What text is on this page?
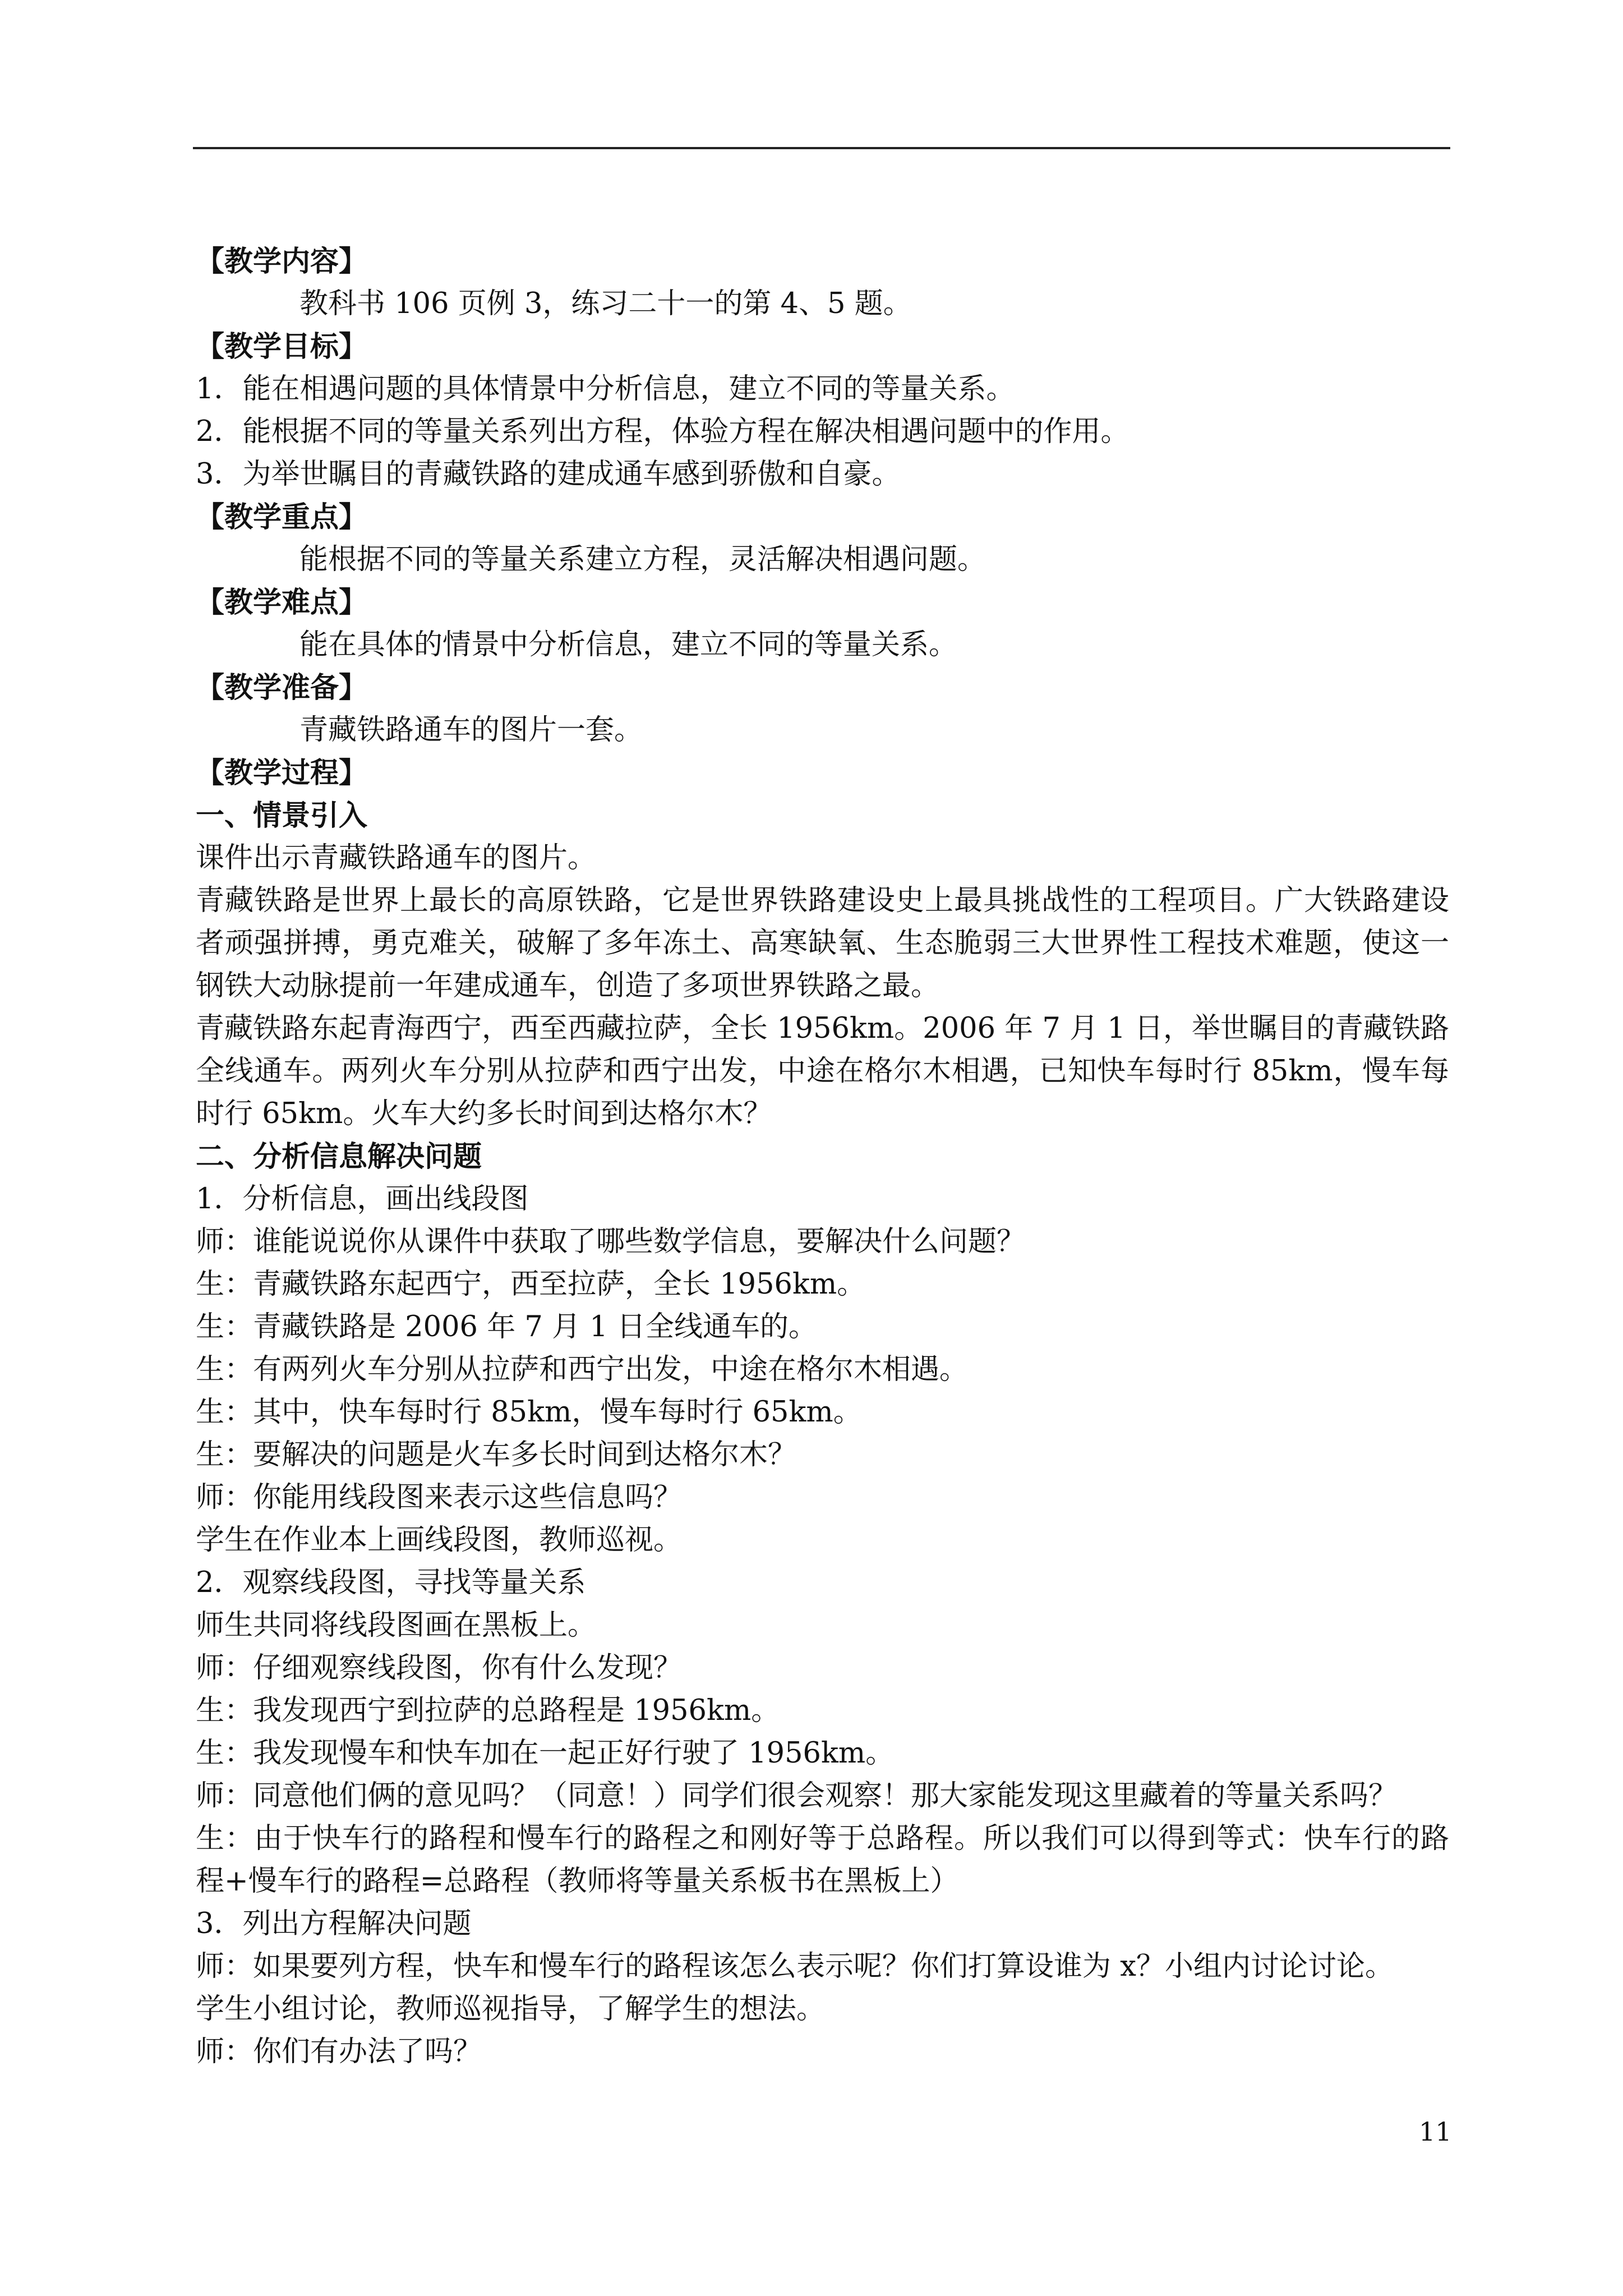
【教学内容】
教科书 106 页例 3，练习二十一的第 4、5 题。
【教学目标】
1．能在相遇问题的具体情景中分析信息，建立不同的等量关系。
2．能根据不同的等量关系列出方程，体验方程在解决相遇问题中的作用。
3．为举世瞩目的青藏铁路的建成通车感到骄傲和自豪。
【教学重点】
能根据不同的等量关系建立方程，灵活解决相遇问题。
【教学难点】
能在具体的情景中分析信息，建立不同的等量关系。
【教学准备】
青藏铁路通车的图片一套。
【教学过程】
一、情景引入
课件出示青藏铁路通车的图片。
青藏铁路是世界上最长的高原铁路，它是世界铁路建设史上最具挑战性的工程项目。广大铁路建设者顽强拼搏，勇克难关，破解了多年冻土、高寒缺氧、生态脆弱三大世界性工程技术难题，使这一钢铁大动脉提前一年建成通车，创造了多项世界铁路之最。
青藏铁路东起青海西宁，西至西藏拉萨，全长 1956km。2006 年 7 月 1 日，举世瞩目的青藏铁路全线通车。两列火车分别从拉萨和西宁出发，中途在格尔木相遇，已知快车每时行 85km，慢车每时行 65km。火车大约多长时间到达格尔木？
二、分析信息解决问题
1．分析信息，画出线段图
师：谁能说说你从课件中获取了哪些数学信息，要解决什么问题？
生：青藏铁路东起西宁，西至拉萨，全长 1956km。
生：青藏铁路是 2006 年 7 月 1 日全线通车的。
生：有两列火车分别从拉萨和西宁出发，中途在格尔木相遇。
生：其中，快车每时行 85km，慢车每时行 65km。
生：要解决的问题是火车多长时间到达格尔木？
师：你能用线段图来表示这些信息吗？
学生在作业本上画线段图，教师巡视。
2．观察线段图，寻找等量关系
师生共同将线段图画在黑板上。
师：仔细观察线段图，你有什么发现？
生：我发现西宁到拉萨的总路程是 1956km。
生：我发现慢车和快车加在一起正好行驶了 1956km。
师：同意他们俩的意见吗？（同意！）同学们很会观察！那大家能发现这里藏着的等量关系吗？
生：由于快车行的路程和慢车行的路程之和刚好等于总路程。所以我们可以得到等式：快车行的路程+慢车行的路程=总路程（教师将等量关系板书在黑板上）
3．列出方程解决问题
师：如果要列方程，快车和慢车行的路程该怎么表示呢？你们打算设谁为 x？小组内讨论讨论。
学生小组讨论，教师巡视指导，了解学生的想法。
师：你们有办法了吗？
11
